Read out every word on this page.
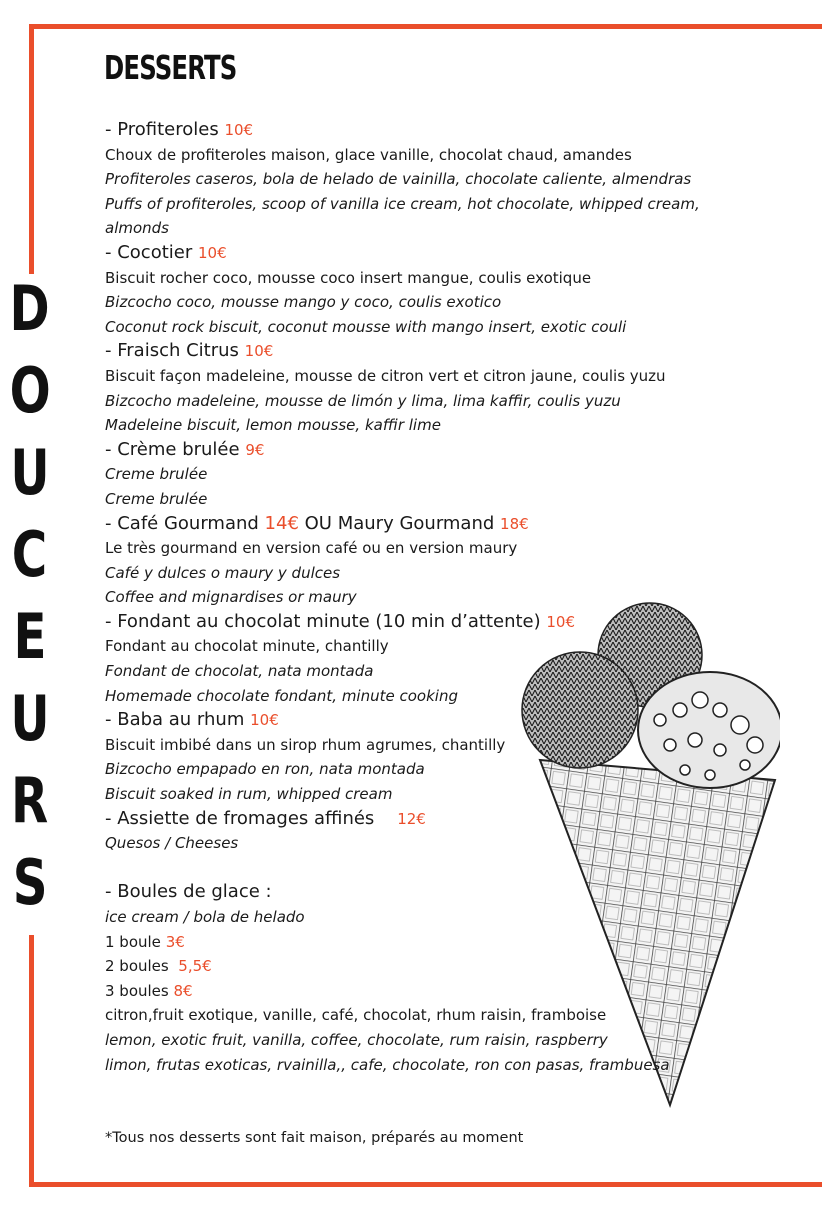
D
O
U
C
E
U
R
S
DESSERTS
- Profiteroles 10€
Choux de profiteroles maison, glace vanille, chocolat chaud, amandes
Profiteroles caseros, bola de helado de vainilla, chocolate caliente, almendras
Puffs of profiteroles, scoop of vanilla ice cream, hot chocolate, whipped cream,
almonds
- Cocotier 10€
Biscuit rocher coco, mousse coco insert mangue, coulis exotique
Bizcocho coco, mousse mango y coco, coulis exotico
Coconut rock biscuit, coconut mousse with mango insert, exotic couli
- Fraisch Citrus 10€
Biscuit façon madeleine, mousse de citron vert et citron jaune, coulis yuzu
Bizcocho madeleine, mousse de limón y lima, lima kaffir, coulis yuzu
Madeleine biscuit, lemon mousse, kaffir lime
- Crème brulée 9€
Creme brulée
Creme brulée
- Café Gourmand 14€ OU Maury Gourmand 18€
Le très gourmand en version café ou en version maury
Café y dulces o maury y dulces
Coffee and mignardises or maury
- Fondant au chocolat minute (10 min d’attente) 10€
Fondant au chocolat minute, chantilly
Fondant de chocolat, nata montada
Homemade chocolate fondant, minute cooking
- Baba au rhum 10€
Biscuit imbibé dans un sirop rhum agrumes, chantilly
Bizcocho empapado en ron, nata montada
Biscuit soaked in rum, whipped cream
- Assiette de fromages affinés 12€
Quesos / Cheeses
- Boules de glace :
ice cream / bola de helado
1 boule 3€
2 boules 5,5€
3 boules 8€
citron,fruit exotique, vanille, café, chocolat, rhum raisin, framboise
lemon, exotic fruit, vanilla, coffee, chocolate, rum raisin, raspberry
limon, frutas exoticas, rvainilla,, cafe, chocolate, ron con pasas, frambuesa
*Tous nos desserts sont fait maison, préparés au moment
